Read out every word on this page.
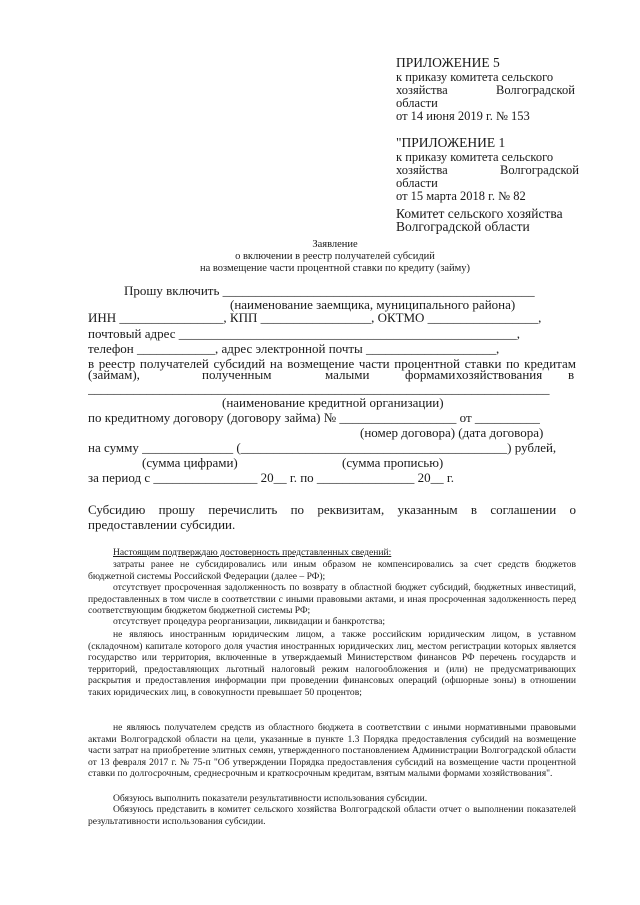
ПРИЛОЖЕНИЕ 5
к приказу комитета сельского
хозяйства	Волгоградской
области
от 14 июня 2019 г. № 153
"ПРИЛОЖЕНИЕ 1
к приказу комитета сельского
хозяйства	Волгоградской
области
от 15 марта 2018 г. № 82
Комитет сельского хозяйства
Волгоградской области
Заявление
о включении в реестр получателей субсидий
на возмещение части процентной ставки по кредиту (займу)
Прошу включить ________________________________________________
(наименование заемщика, муниципального района)
ИНН ________________, КПП _________________, ОКТМО _________________,
почтовый адрес ____________________________________________________,
телефон ____________, адрес электронной почты ____________________,
в реестр получателей субсидий на возмещение части процентной ставки по кредитам
(займам),	полученным	малыми	формами хозяйствования в
_______________________________________________________________________
(наименование кредитной организации)
по кредитному договору (договору займа) № __________________ от __________
(номер договора) (дата договора)
на сумму ______________ (_________________________________________) рублей,
(сумма цифрами)	(сумма прописью)
за период с ________________ 20__ г. по _______________ 20__ г.
Субсидию прошу перечислить по реквизитам, указанным в соглашении о
предоставлении субсидии.
Настоящим подтверждаю достоверность представленных сведений:
затраты ранее не субсидировались или иным образом не компенсировались за счет средств бюджетов бюджетной системы Российской Федерации (далее – РФ);
отсутствует просроченная задолженность по возврату в областной бюджет субсидий, бюджетных инвестиций, предоставленных в том числе в соответствии с иными правовыми актами, и иная просроченная задолженность перед соответствующим бюджетом бюджетной системы РФ;
отсутствует процедура реорганизации, ликвидации и банкротства;
не являюсь иностранным юридическим лицом, а также российским юридическим лицом, в уставном (складочном) капитале которого доля участия иностранных юридических лиц, местом регистрации которых является государство или территория, включенные в утверждаемый Министерством финансов РФ перечень государств и территорий, предоставляющих льготный налоговый режим налогообложения и (или) не предусматривающих раскрытия и предоставления информации при проведении финансовых операций (офшорные зоны) в отношении таких юридических лиц, в совокупности превышает 50 процентов;
не являюсь получателем средств из областного бюджета в соответствии с иными нормативными правовыми актами Волгоградской области на цели, указанные в пункте 1.3 Порядка предоставления субсидий на возмещение части затрат на приобретение элитных семян, утвержденного постановлением Администрации Волгоградской области от 13 февраля 2017 г. № 75-п "Об утверждении Порядка предоставления субсидий на возмещение части процентной ставки по долгосрочным, среднесрочным и краткосрочным кредитам, взятым малыми формами хозяйствования".
Обязуюсь выполнить показатели результативности использования субсидии.
Обязуюсь представить в комитет сельского хозяйства Волгоградской области отчет о выполнении показателей результативности использования субсидии.
